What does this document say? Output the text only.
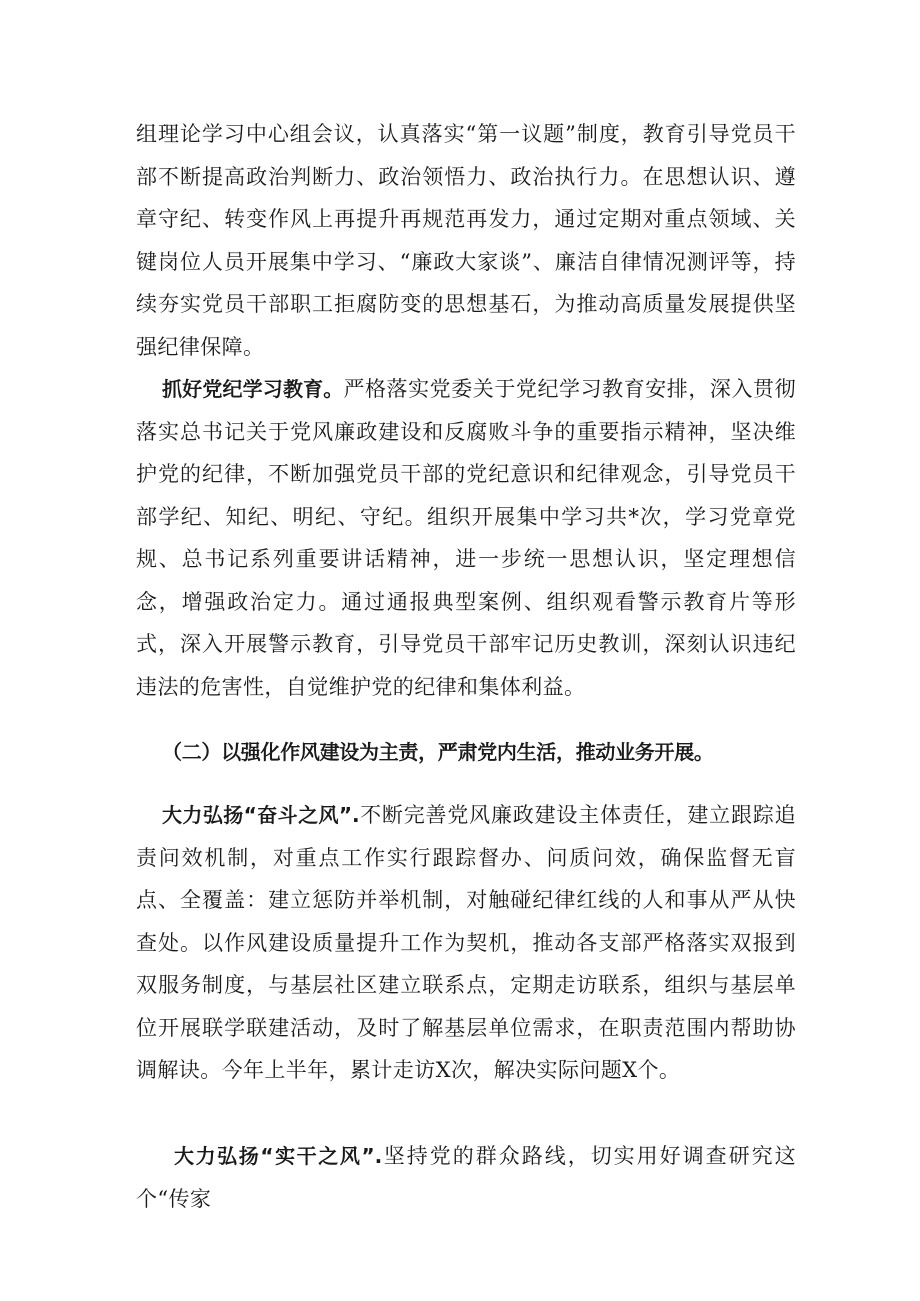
组理论学习中心组会议，认真落实“第一议题”制度，教育引导党员干部不断提高政治判断力、政治领悟力、政治执行力。在思想认识、遵章守纪、转变作风上再提升再规范再发力，通过定期对重点领域、关键岗位人员开展集中学习、“廉政大家谈”、廉洁自律情况测评等，持续夯实党员干部职工拒腐防变的思想基石，为推动高质量发展提供坚强纪律保障。

抓好党纪学习教育。严格落实党委关于党纪学习教育安排，深入贯彻落实总书记关于党风廉政建设和反腐败斗争的重要指示精神，坚决维护党的纪律，不断加强党员干部的党纪意识和纪律观念，引导党员干部学纪、知纪、明纪、守纪。组织开展集中学习共*次，学习党章党规、总书记系列重要讲话精神，进一步统一思想认识，坚定理想信念，增强政治定力。通过通报典型案例、组织观看警示教育片等形式，深入开展警示教育，引导党员干部牢记历史教训，深刻认识违纪违法的危害性，自觉维护党的纪律和集体利益。

（二）以强化作风建设为主责，严肃党内生活，推动业务开展。

大力弘扬“奋斗之风”.不断完善党风廉政建设主体责任，建立跟踪追责问效机制，对重点工作实行跟踪督办、问质问效，确保监督无盲点、全覆盖：建立惩防并举机制，对触碰纪律红线的人和事从严从快查处。以作风建设质量提升工作为契机，推动各支部严格落实双报到双服务制度，与基层社区建立联系点，定期走访联系，组织与基层单位开展联学联建活动，及时了解基层单位需求，在职责范围内帮助协调解诀。今年上半年，累计走访X次，解决实际问题X个。

大力弘扬“实干之风”.坚持党的群众路线，切实用好调查研究这个“传家
